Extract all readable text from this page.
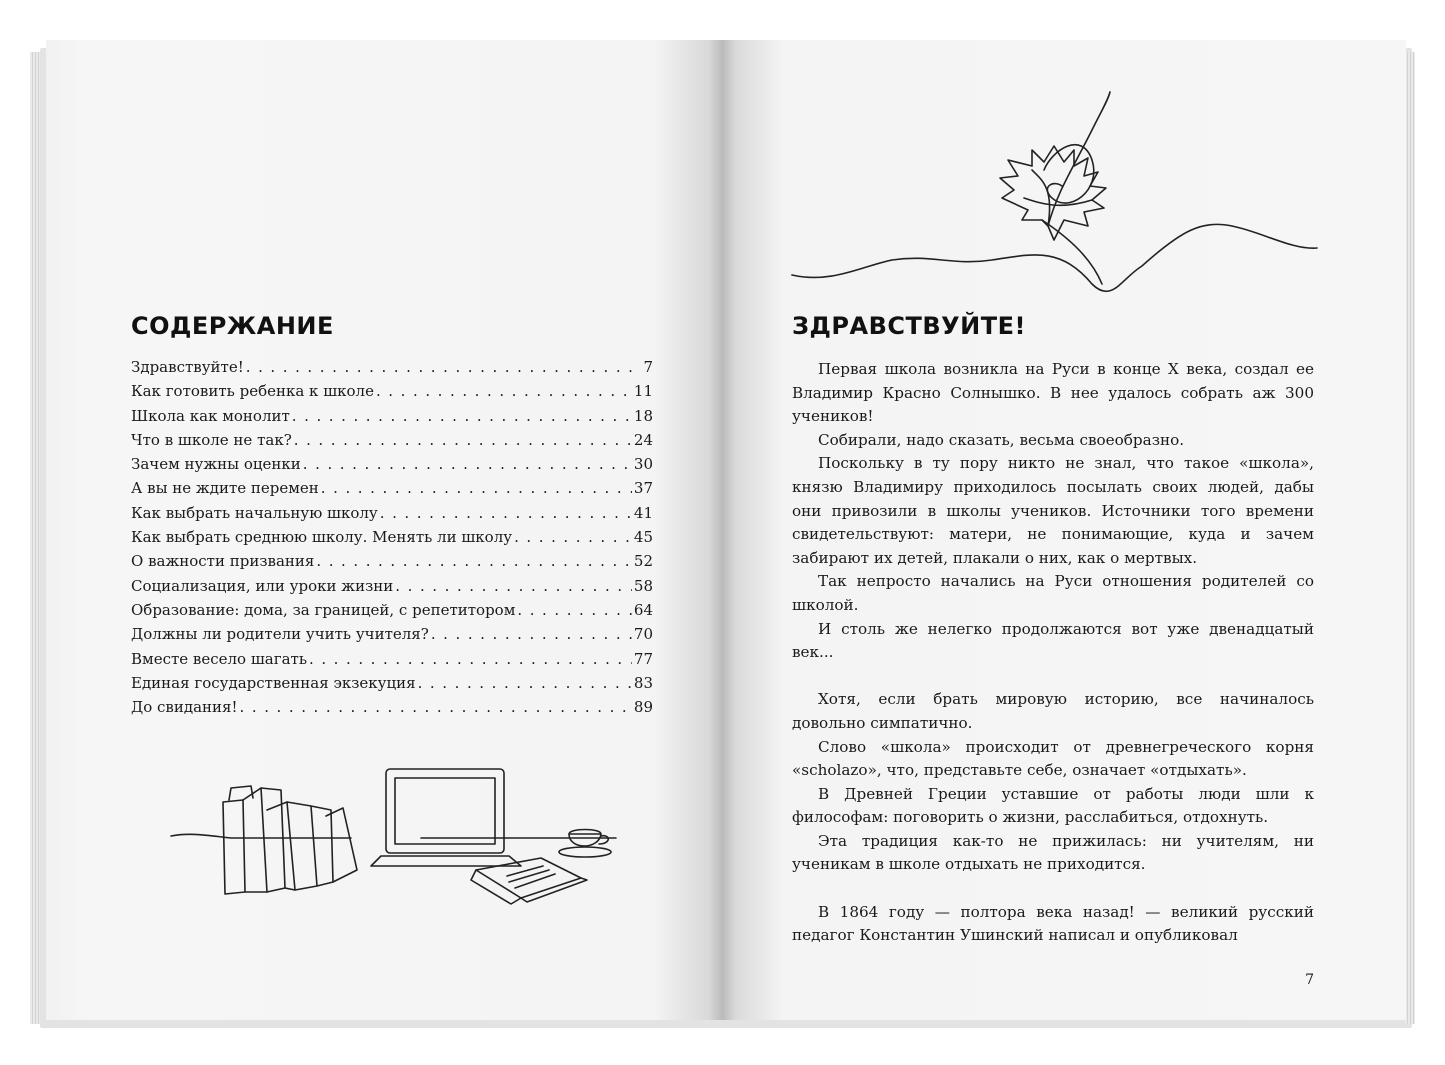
СОДЕРЖАНИЕ
Здравствуйте! . . .	7
Как готовить ребенка к школе . . .	11
Школа как монолит . . .	18
Что в школе не так? . . .	24
Зачем нужны оценки . . .	30
А вы не ждите перемен . . .	37
Как выбрать начальную школу . . .	41
Как выбрать среднюю школу. Менять ли школу . . .	45
О важности призвания . . .	52
Социализация, или уроки жизни . . .	58
Образование: дома, за границей, с репетитором . . .	64
Должны ли родители учить учителя? . . .	70
Вместе весело шагать . . .	77
Единая государственная экзекуция . . .	83
До свидания! . . .	89
ЗДРАВСТВУЙТЕ!

Первая школа возникла на Руси в конце X века, создал ее Владимир Красно Солнышко. В нее удалось собрать аж 300 учеников!

Собирали, надо сказать, весьма своеобразно.

Поскольку в ту пору никто не знал, что такое «школа», князю Владимиру приходилось посылать своих людей, дабы они привозили в школы учеников. Источники того времени свидетельствуют: матери, не понимающие, куда и зачем забирают их детей, плакали о них, как о мертвых.

Так непросто начались на Руси отношения родителей со школой.

И столь же нелегко продолжаются вот уже двенадцатый век...

Хотя, если брать мировую историю, все начиналось довольно симпатично.

Слово «школа» происходит от древнегреческого корня «scholazo», что, представьте себе, означает «отдыхать».

В Древней Греции уставшие от работы люди шли к философам: поговорить о жизни, расслабиться, отдохнуть.

Эта традиция как-то не прижилась: ни учителям, ни ученикам в школе отдыхать не приходится.

В 1864 году — полтора века назад! — великий русский педагог Константин Ушинский написал и опубликовал

7
